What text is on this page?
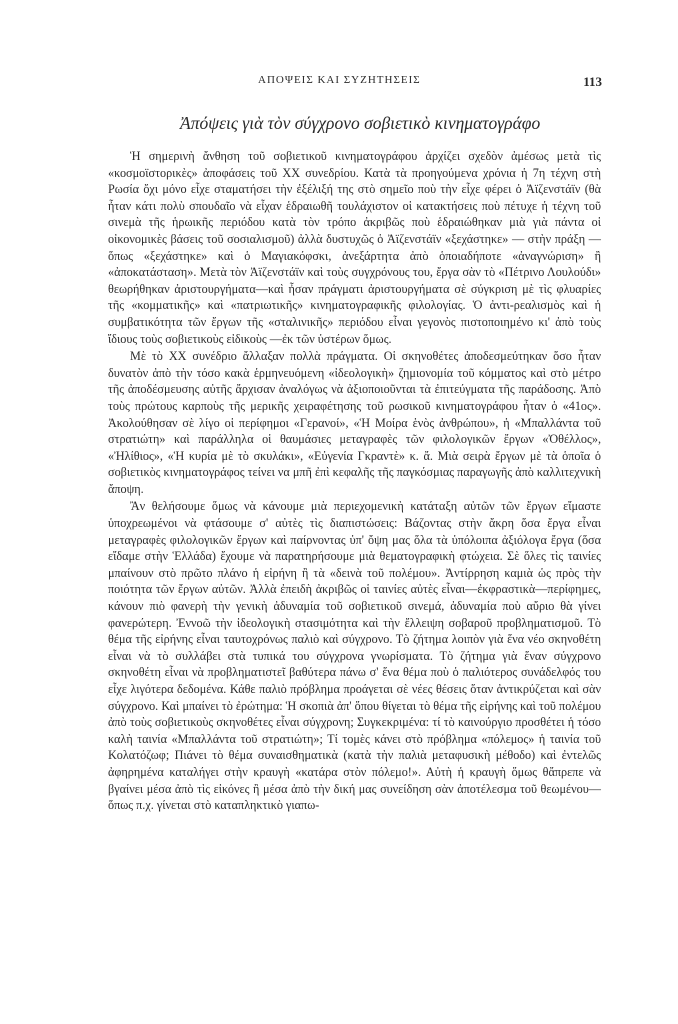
ΑΠΟΨΕΙΣ ΚΑΙ ΣΥΖΗΤΗΣΕΙΣ	113
Ἀπόψεις γιὰ τὸν σύγχρονο σοβιετικὸ κινηματογράφο

Ἡ σημερινὴ ἄνθηση τοῦ σοβιετικοῦ κινηματογράφου ἀρχίζει σχεδὸν ἀμέσως μετὰ τὶς «κοσμοϊστορικὲς» ἀποφάσεις τοῦ XX συνεδρίου. Κατὰ τὰ προηγούμενα χρόνια ἡ 7η τέχνη στὴ Ρωσία ὄχι μόνο εἶχε σταματήσει τὴν ἐξέλιξή της στὸ σημεῖο ποὺ τὴν εἶχε φέρει ὁ Ἀϊζενστάϊν (θὰ ἦταν κάτι πολὺ σπουδαῖο νὰ εἶχαν ἑδραιωθῆ τουλάχιστον οἱ κατακτήσεις ποὺ πέτυχε ἡ τέχνη τοῦ σινεμὰ τῆς ἡρωικῆς περιόδου κατὰ τὸν τρόπο ἀκριβῶς ποὺ ἑδραιώθηκαν μιὰ γιὰ πάντα οἱ οἰκονομικὲς βάσεις τοῦ σοσιαλισμοῦ) ἀλλὰ δυστυχῶς ὁ Ἀϊζενστάϊν «ξεχάστηκε» — στὴν πράξη — ὅπως «ξεχάστηκε» καὶ ὁ Μαγιακόφσκι, ἀνεξάρτητα ἀπὸ ὁποιαδήποτε «ἀναγνώριση» ἢ «ἀποκατάσταση». Μετὰ τὸν Ἀϊζενστάϊν καὶ τοὺς συγχρόνους του, ἔργα σὰν τὸ «Πέτρινο Λουλούδι» θεωρήθηκαν ἀριστουργήματα—καὶ ἦσαν πράγματι ἀριστουργήματα σὲ σύγκριση μὲ τὶς φλυαρίες τῆς «κομματικῆς» καὶ «πατριωτικῆς» κινηματογραφικῆς φιλολογίας. Ὁ ἀντι-ρεαλισμὸς καὶ ἡ συμβατικότητα τῶν ἔργων τῆς «σταλινικῆς» περιόδου εἶναι γεγονὸς πιστοποιημένο κι' ἀπὸ τοὺς ἴδιους τοὺς σοβιετικοὺς εἰδικοὺς —ἐκ τῶν ὑστέρων ὅμως.

Μὲ τὸ XX συνέδριο ἄλλαξαν πολλὰ πράγματα. Οἱ σκηνοθέτες ἀποδεσμεύτηκαν ὅσο ἦταν δυνατὸν ἀπὸ τὴν τόσο κακὰ ἑρμηνευόμενη «ἰδεολογικὴ» ζημιονομία τοῦ κόμματος καὶ στὸ μέτρο τῆς ἀποδέσμευσης αὐτῆς ἄρχισαν ἀναλόγως νὰ ἀξιοποιοῦνται τὰ ἐπιτεύγματα τῆς παράδοσης. Ἀπὸ τοὺς πρώτους καρποὺς τῆς μερικῆς χειραφέτησης τοῦ ρωσικοῦ κινηματογράφου ἦταν ὁ «41ος». Ἀκολούθησαν σὲ λίγο οἱ περίφημοι «Γερανοί», «Ἡ Μοίρα ἑνὸς ἀνθρώπου», ἡ «Μπαλλάντα τοῦ στρατιώτη» καὶ παράλληλα οἱ θαυμάσιες μεταγραφὲς τῶν φιλολογικῶν ἔργων «Ὀθέλλος», «Ἠλίθιος», «Ἡ κυρία μὲ τὸ σκυλάκι», «Εὐγενία Γκραντὲ» κ. ἄ. Μιὰ σειρὰ ἔργων μὲ τὰ ὁποῖα ὁ σοβιετικὸς κινηματογράφος τείνει να μπῆ ἐπὶ κεφαλῆς τῆς παγκόσμιας παραγωγῆς ἀπὸ καλλιτεχνικὴ ἄποψη.

Ἂν θελήσουμε ὅμως νὰ κάνουμε μιὰ περιεχομενικὴ κατάταξη αὐτῶν τῶν ἔργων εἴμαστε ὑποχρεωμένοι νὰ φτάσουμε σ' αὐτὲς τὶς διαπιστώσεις: Βάζοντας στὴν ἄκρη ὅσα ἔργα εἶναι μεταγραφὲς φιλολογικῶν ἔργων καὶ παίρνοντας ὑπ' ὄψη μας ὅλα τὰ ὑπόλοιπα ἀξιόλογα ἔργα (ὅσα εἴδαμε στὴν Ἑλλάδα) ἔχουμε νὰ παρατηρήσουμε μιὰ θεματογραφικὴ φτώχεια. Σὲ ὅλες τὶς ταινίες μπαίνουν στὸ πρῶτο πλάνο ἡ εἰρήνη ἢ τὰ «δεινὰ τοῦ πολέμου». Ἀντίρρηση καμιὰ ὡς πρὸς τὴν ποιότητα τῶν ἔργων αὐτῶν. Ἀλλὰ ἐπειδὴ ἀκριβῶς οἱ ταινίες αὐτὲς εἶναι—ἐκφραστικὰ—περίφημες, κάνουν πιὸ φανερὴ τὴν γενικὴ ἀδυναμία τοῦ σοβιετικοῦ σινεμά, ἀδυναμία ποὺ αὔριο θὰ γίνει φανερώτερη. Ἐννοῶ τὴν ἰδεολογικὴ στασιμότητα καὶ τὴν ἔλλειψη σοβαροῦ προβληματισμοῦ. Τὸ θέμα τῆς εἰρήνης εἶναι ταυτοχρόνως παλιὸ καὶ σύγχρονο. Τὸ ζήτημα λοιπὸν γιὰ ἕνα νέο σκηνοθέτη εἶναι νὰ τὸ συλλάβει στὰ τυπικά του σύγχρονα γνωρίσματα. Τὸ ζήτημα γιὰ ἕναν σύγχρονο σκηνοθέτη εἶναι νὰ προβληματιστεῖ βαθύτερα πάνω σ' ἕνα θέμα ποὺ ὁ παλιότερος συνάδελφός του εἶχε λιγότερα δεδομένα. Κάθε παλιὸ πρόβλημα προάγεται σὲ νέες θέσεις ὅταν ἀντικρύζεται καὶ σὰν σύγχρονο. Καὶ μπαίνει τὸ ἐρώτημα: Ἡ σκοπιὰ ἀπ' ὅπου θίγεται τὸ θέμα τῆς εἰρήνης καὶ τοῦ πολέμου ἀπὸ τοὺς σοβιετικοὺς σκηνοθέτες εἶναι σύγχρονη; Συγκεκριμένα: τί τὸ καινούργιο προσθέτει ἡ τόσο καλὴ ταινία «Μπαλλάντα τοῦ στρατιώτη»; Τί τομὲς κάνει στὸ πρόβλημα «πόλεμος» ἡ ταινία τοῦ Κολατόζωφ; Πιάνει τὸ θέμα συναισθηματικὰ (κατὰ τὴν παλιὰ μεταφυσικὴ μέθοδο) καὶ ἐντελῶς ἀφηρημένα καταλήγει στὴν κραυγὴ «κατάρα στὸν πόλεμο!». Αὐτὴ ἡ κραυγὴ ὅμως θἄπρεπε νὰ βγαίνει μέσα ἀπὸ τὶς εἰκόνες ἢ μέσα ἀπὸ τὴν δική μας συνείδηση σὰν ἀποτέλεσμα τοῦ θεωμένου—ὅπως π.χ. γίνεται στὸ καταπληκτικὸ γιαπω-
